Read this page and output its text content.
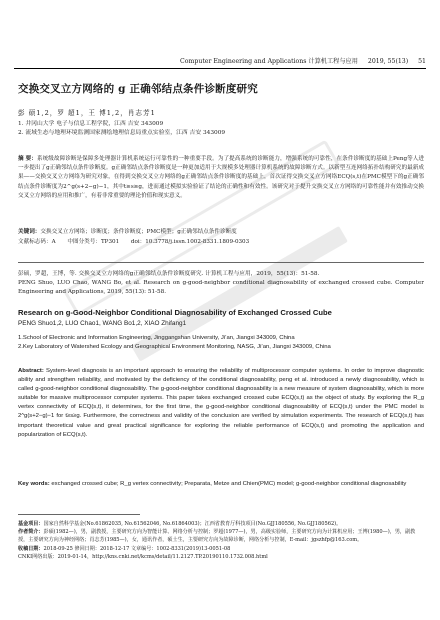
Computer Engineering and Applications 计算机工程与应用 2019, 55(13) 51
交换交叉立方网络的 g 正确邻结点条件诊断度研究
彭 硕1,2，罗 超1，王 博1,2，肖志芳1
1. 井冈山大学 电子与信息工程学院，江西 吉安 343009
2. 流域生态与地理环境监测国家测绘地理信息局重点实验室，江西 吉安 343009
摘 要：系统级故障诊断是保障多处理器计算机系统运行可靠性的一种重要手段。为了提高系统的诊断能力，增强系统的可靠性，在条件诊断度的基础上Peng等人进一步提出了g正确邻结点条件诊断度。g正确邻结点条件诊断度是一种更加适用于大规模多处理器计算机系统的故障诊断方式。以新型互连网络拓扑结构研究的最新成果——交换交叉立方网络为研究对象，在得到交换交叉立方网络的g正确邻结点条件诊断度的基础上，首次证得交换交叉立方网络ECQ(s,t)在PMC模型下的g正确邻结点条件诊断度为2^g(s+2−g)−1，其中t≥s≥g，进而通过模拟实验验证了结论的正确性和有效性。该研究对于提升交换交叉立方网络的可靠性能并有效推动交换交叉立方网络的应用和推广，有着非常重要的理论价值和现实意义。
关键词：交换交叉立方网络；诊断度；条件诊断度；PMC模型；g正确邻结点条件诊断度
文献标志码：A 中图分类号：TP301 doi：10.3778/j.issn.1002-8331.1809-0303
彭硕，罗超，王博，等. 交换交叉立方网络的g正确邻结点条件诊断度研究. 计算机工程与应用，2019，55(13)：51-58.
PENG Shuo, LUO Chao, WANG Bo, et al. Research on g-good-neighbor conditional diagnosability of exchanged crossed cube. Computer Engineering and Applications, 2019, 55(13): 51-58.
Research on g-Good-Neighbor Conditional Diagnosability of Exchanged Crossed Cube
PENG Shuo1,2, LUO Chao1, WANG Bo1,2, XIAO Zhifang1
1.School of Electronic and Information Engineering, Jinggangshan University, Ji’an, Jiangxi 343009, China
2.Key Laboratory of Watershed Ecology and Geographical Environment Monitoring, NASG, Ji’an, Jiangxi 343009, China
Abstract: System-level diagnosis is an important approach to ensuring the reliability of multiprocessor computer systems. In order to improve diagnostic ability and strengthen reliability, and motivated by the deficiency of the conditional diagnosability, peng et al. introduced a newly diagnosability, which is called g-good-neighbor conditional diagnosability. The g-good-neighbor conditional diagnosability is a new measure of system diagnosability, which is more suitable for massive multiprocessor computer systems. This paper takes exchanged crossed cube ECQ(s,t) as the object of study. By exploring the R_g vertex connectivity of ECQ(s,t), it determines, for the first time, the g-good-neighbor conditional diagnosability of ECQ(s,t) under the PMC model is 2^g(s+2−g)−1 for t≥s≥g. Furthermore, the correctness and validity of the conclusion are verified by simulation experiments. The research of ECQ(s,t) has important theoretical value and great practical significance for exploring the reliable performance of ECQ(s,t) and promoting the application and popularization of ECQ(s,t).
Key words: exchanged crossed cube; R_g vertex connectivity; Preparata, Metze and Chien(PMC) model; g-good-neighbor conditional diagnosability
基金项目：国家自然科学基金(No.61862035, No.61562046, No.61864003)；江西省教育厅科技项目(No.GJJ180556, No.GJJ180562)。
作者简介：彭硕(1982—)，男，副教授，主要研究方向为智能计算、网络分析与控制；罗超(1977—)，男，高级实验师，主要研究方向为计算机应用；王博(1980—)，男，副教授，主要研究方向为神经网络；肖志芳(1985—)，女，通讯作者，硕士生，主要研究方向为故障诊断，网络分析与控制，E-mail：jgszhfp@163.com。
收稿日期：2018-09-25 修回日期：2018-12-17 文章编号：1002-8331(2019)13-0051-08
CNKI网络出版：2019-01-14，http://kns.cnki.net/kcms/detail/11.2127.TP.20190110.1732.008.html
